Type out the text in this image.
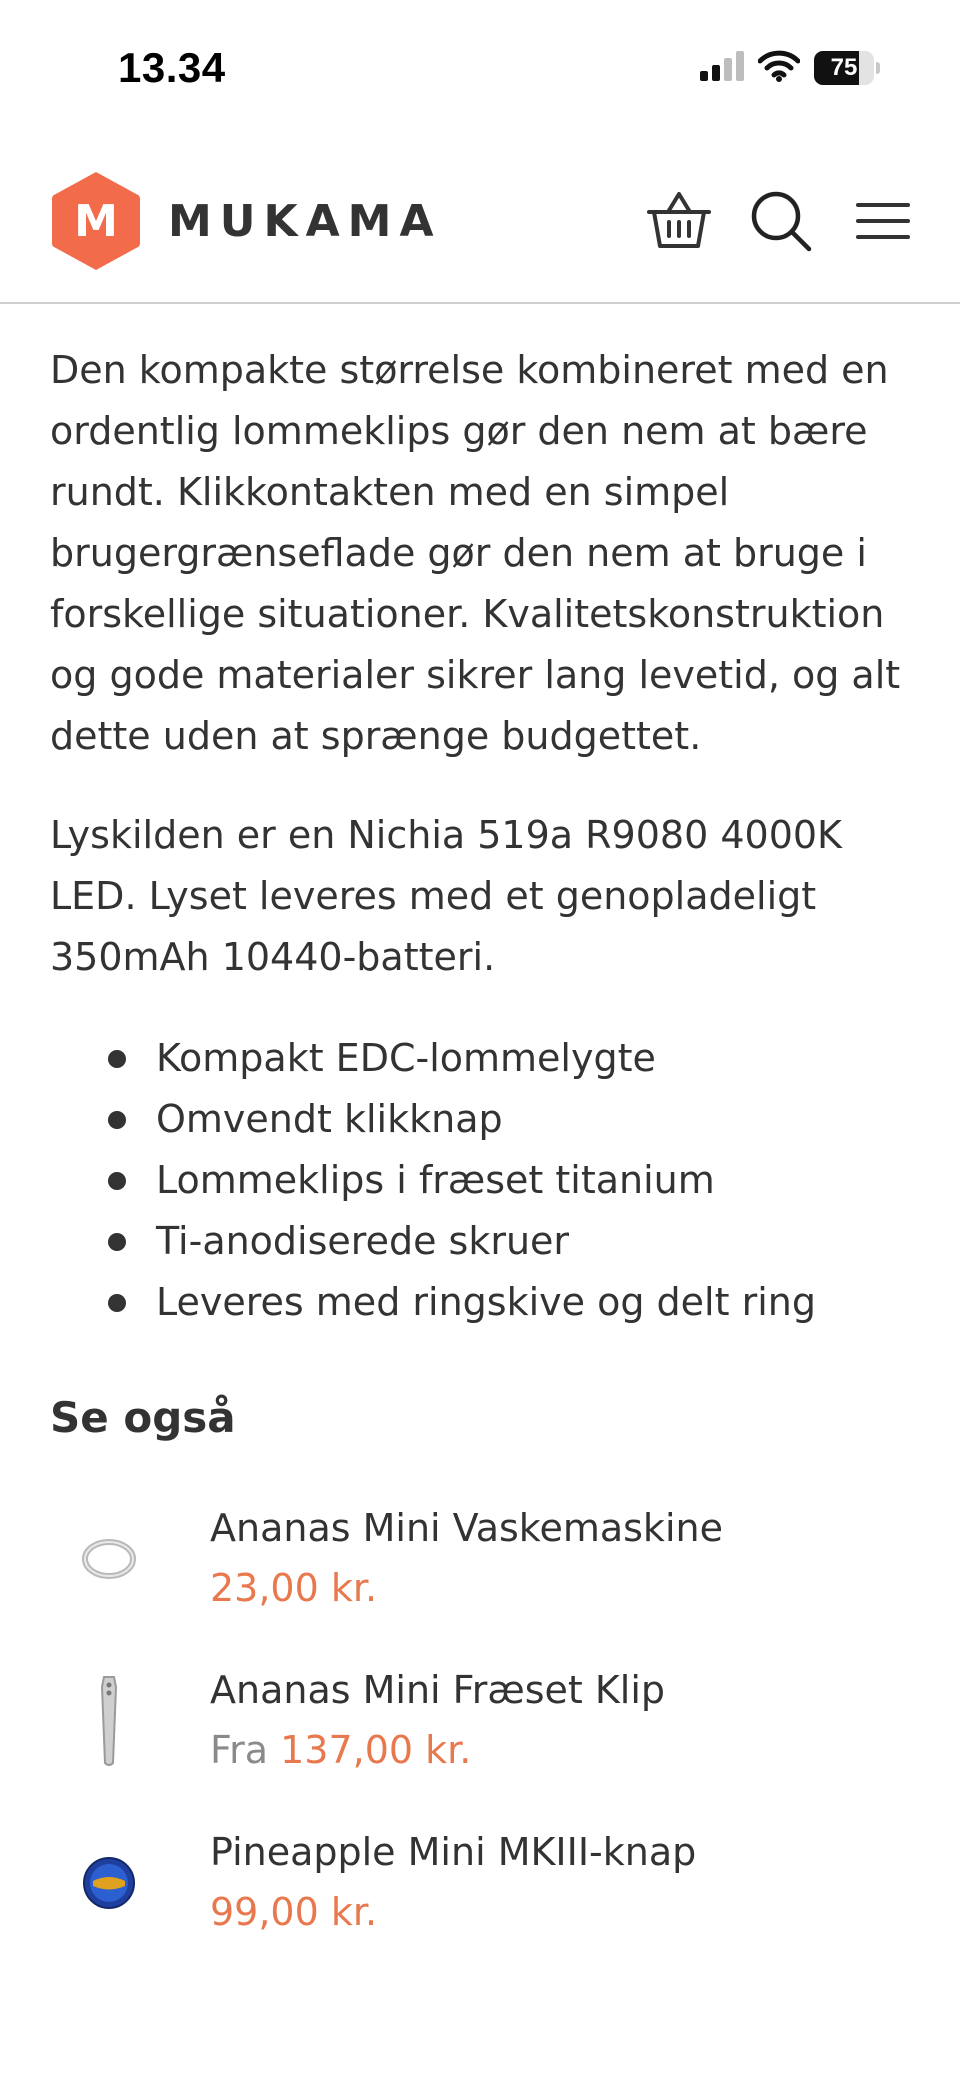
13.34	75
M MUKAMA

Den kompakte størrelse kombineret med en ordentlig lommeklips gør den nem at bære rundt. Klikkontakten med en simpel brugergrænseflade gør den nem at bruge i forskellige situationer. Kvalitetskonstruktion og gode materialer sikrer lang levetid, og alt dette uden at sprænge budgettet.

Lyskilden er en Nichia 519a R9080 4000K LED. Lyset leveres med et genopladeligt 350mAh 10440-batteri.

Kompakt EDC-lommelygte
Omvendt klikknap
Lommeklips i fræset titanium
Ti-anodiserede skruer
Leveres med ringskive og delt ring
Se også
Ananas Mini Vaskemaskine
23,00 kr.
Ananas Mini Fræset Klip
Fra 137,00 kr.
Pineapple Mini MKIII-knap
99,00 kr.
